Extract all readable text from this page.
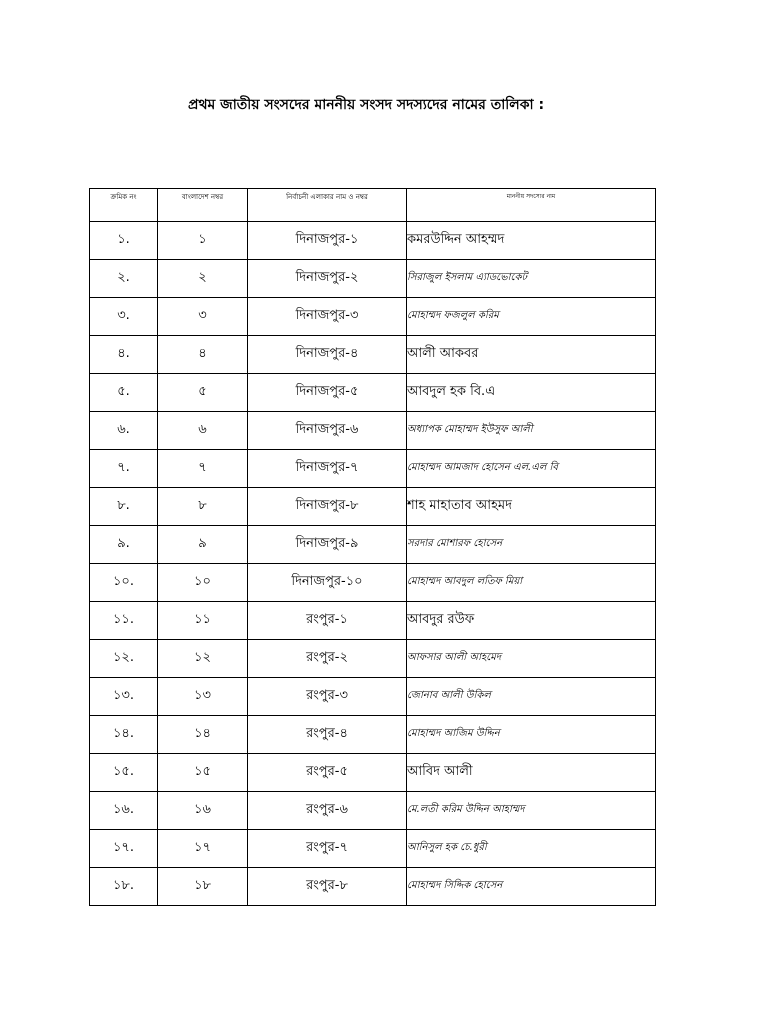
প্রথম জাতীয় সংসদের মাননীয় সংসদ সদস্যদের নামের তালিকা :
ক্রমিক নং	বাংলাদেশ নম্বর	নির্বাচনী এলাকার নাম ও নম্বর	মাননীয় সদস্যের নাম
১.	১	দিনাজপুর-১	কমরউদ্দিন আহম্মদ
২.	২	দিনাজপুর-২	সিরাজুল ইসলাম এ্যাডভোকেট
৩.	৩	দিনাজপুর-৩	মোহাম্মদ ফজলুল করিম
৪.	৪	দিনাজপুর-৪	আলী আকবর
৫.	৫	দিনাজপুর-৫	আবদুল হক বি.এ
৬.	৬	দিনাজপুর-৬	অধ্যাপক মোহাম্মদ ইউসুফ আলী
৭.	৭	দিনাজপুর-৭	মোহাম্মদ আমজাদ হোসেন এল.এল বি
৮.	৮	দিনাজপুর-৮	শাহ মাহাতাব আহমদ
৯.	৯	দিনাজপুর-৯	সরদার মোশারফ হোসেন
১০.	১০	দিনাজপুর-১০	মোহাম্মদ আবদুল লতিফ মিয়া
১১.	১১	রংপুর-১	আবদুর রউফ
১২.	১২	রংপুর-২	আফসার আলী আহমেদ
১৩.	১৩	রংপুর-৩	জোনাব আলী উকিল
১৪.	১৪	রংপুর-৪	মোহাম্মদ আজিম উদ্দিন
১৫.	১৫	রংপুর-৫	আবিদ আলী
১৬.	১৬	রংপুর-৬	মে.লতী করিম উদ্দিন আহাম্মদ
১৭.	১৭	রংপুর-৭	আনিসুল হক চে.ধুরী
১৮.	১৮	রংপুর-৮	মোহাম্মদ সিদ্দিক হোসেন
